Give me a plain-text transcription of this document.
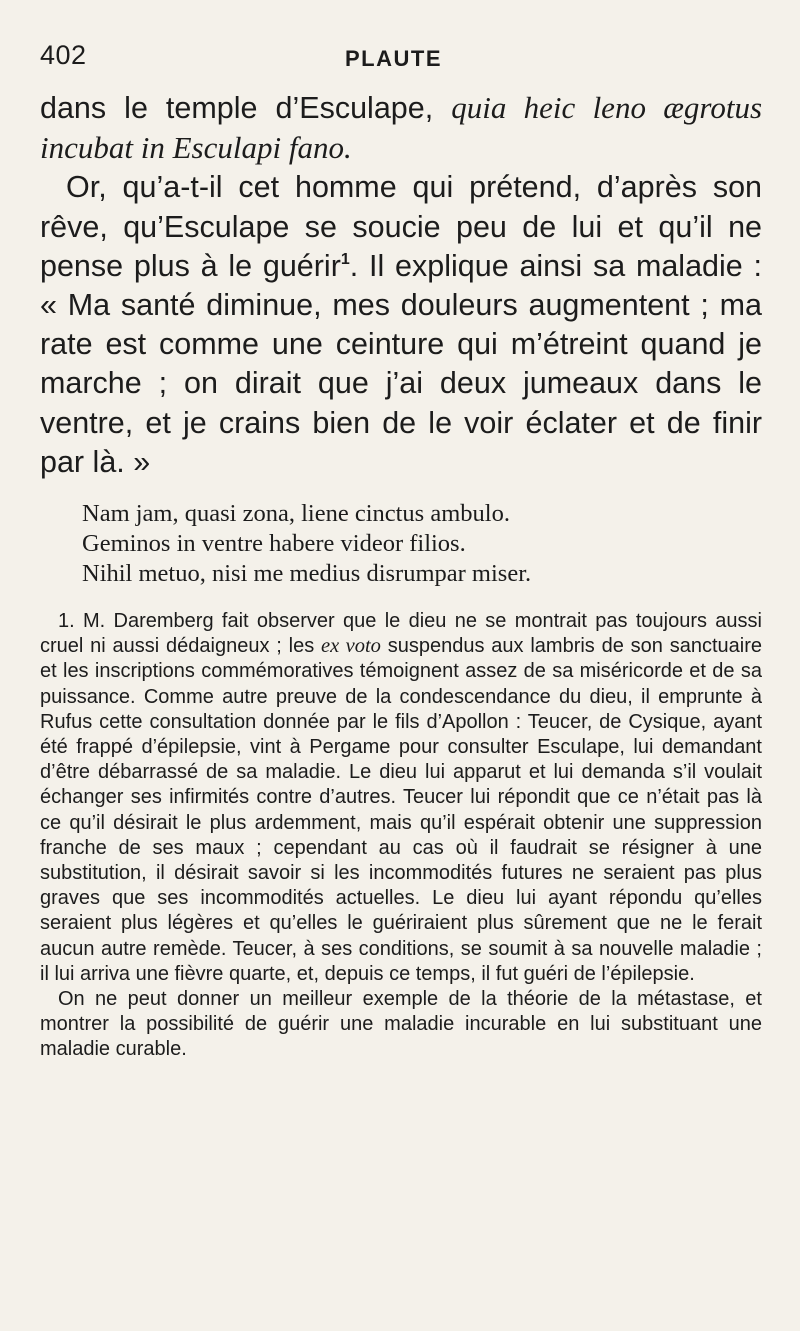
402	PLAUTE

dans le temple d’Esculape, quia heic leno ægrotus incubat in Esculapi fano.

Or, qu’a-t-il cet homme qui prétend, d’après son rêve, qu’Esculape se soucie peu de lui et qu’il ne pense plus à le guérir$^1$. Il explique ainsi sa maladie : « Ma santé diminue, mes douleurs augmentent ; ma rate est comme une ceinture qui m’étreint quand je marche ; on dirait que j’ai deux jumeaux dans le ventre, et je crains bien de le voir éclater et de finir par là. »

Nam jam, quasi zona, liene cinctus ambulo.
Geminos in ventre habere videor filios.
Nihil metuo, nisi me medius disrumpar miser.

1. M. Daremberg fait observer que le dieu ne se montrait pas toujours aussi cruel ni aussi dédaigneux ; les ex voto suspendus aux lambris de son sanctuaire et les inscriptions commémoratives témoignent assez de sa miséricorde et de sa puissance. Comme autre preuve de la condescendance du dieu, il emprunte à Rufus cette consultation donnée par le fils d’Apollon : Teucer, de Cysique, ayant été frappé d’épilepsie, vint à Pergame pour consulter Esculape, lui demandant d’être débarrassé de sa maladie. Le dieu lui apparut et lui demanda s’il voulait échanger ses infirmités contre d’autres. Teucer lui répondit que ce n’était pas là ce qu’il désirait le plus ardemment, mais qu’il espérait obtenir une suppression franche de ses maux ; cependant au cas où il faudrait se résigner à une substitution, il désirait savoir si les incommodités futures ne seraient pas plus graves que ses incommodités actuelles. Le dieu lui ayant répondu qu’elles seraient plus légères et qu’elles le guériraient plus sûrement que ne le ferait aucun autre remède. Teucer, à ses conditions, se soumit à sa nouvelle maladie ; il lui arriva une fièvre quarte, et, depuis ce temps, il fut guéri de l’épilepsie.

On ne peut donner un meilleur exemple de la théorie de la métastase, et montrer la possibilité de guérir une maladie incurable en lui substituant une maladie curable.
